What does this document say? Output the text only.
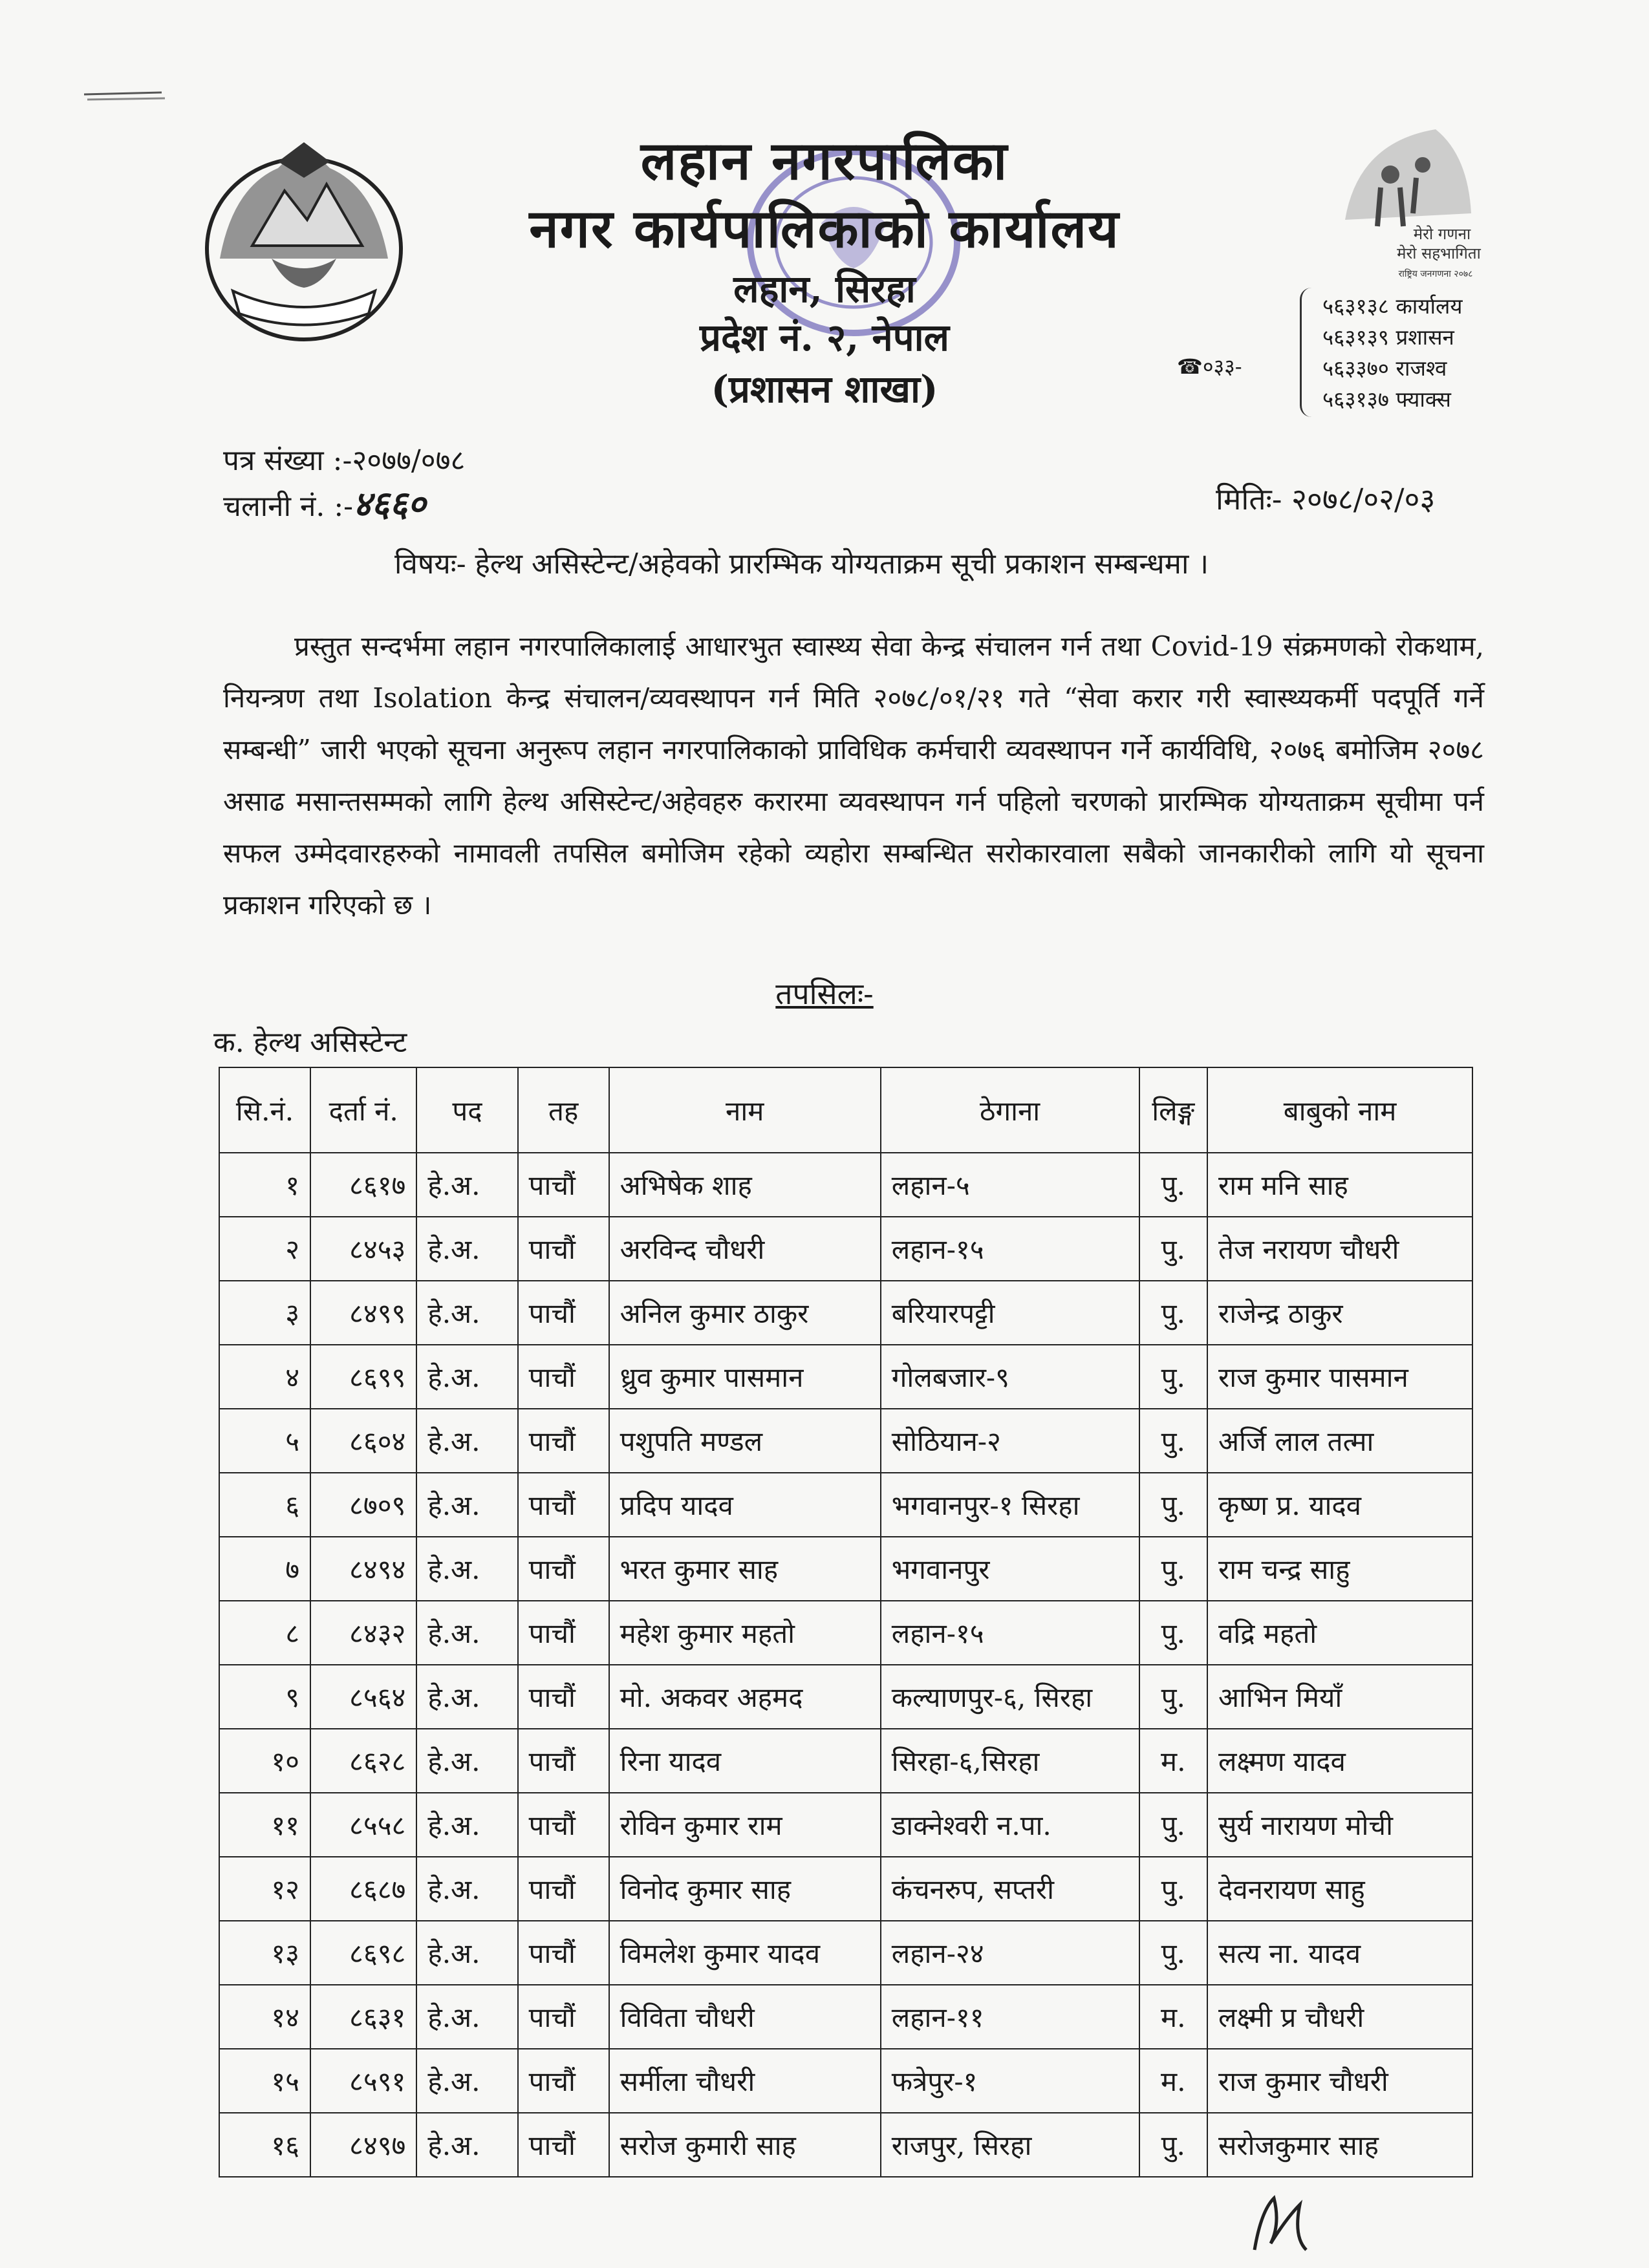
मेरो गणना
मेरो सहभागिता
राष्ट्रिय जनगणना २०७८
लहान नगरपालिका
नगर कार्यपालिकाको कार्यालय
लहान, सिरहा
प्रदेश नं. २, नेपाल
(प्रशासन शाखा)
☎०३३-
५६३१३८ कार्यालय
५६३१३९ प्रशासन
५६३३७० राजश्व
५६३१३७ फ्याक्स
पत्र संख्या :-२०७७/०७८
चलानी नं. :-४६६०	मितिः- २०७८/०२/०३
विषयः- हेल्थ असिस्टेन्ट/अहेवको प्रारम्भिक योग्यताक्रम सूची प्रकाशन सम्बन्धमा ।
प्रस्तुत सन्दर्भमा लहान नगरपालिकालाई आधारभुत स्वास्थ्य सेवा केन्द्र संचालन गर्न तथा Covid-19 संक्रमणको रोकथाम, नियन्त्रण तथा Isolation केन्द्र संचालन/व्यवस्थापन गर्न मिति २०७८/०१/२१ गते “सेवा करार गरी स्वास्थ्यकर्मी पदपूर्ति गर्ने सम्बन्धी” जारी भएको सूचना अनुरूप लहान नगरपालिकाको प्राविधिक कर्मचारी व्यवस्थापन गर्ने कार्यविधि, २०७६ बमोजिम २०७८ असाढ मसान्तसम्मको लागि हेल्थ असिस्टेन्ट/अहेवहरु करारमा व्यवस्थापन गर्न पहिलो चरणको प्रारम्भिक योग्यताक्रम सूचीमा पर्न सफल उम्मेदवारहरुको नामावली तपसिल बमोजिम रहेको व्यहोरा सम्बन्धित सरोकारवाला सबैको जानकारीको लागि यो सूचना प्रकाशन गरिएको छ ।
तपसिलः-
क. हेल्थ असिस्टेन्ट
सि.नं.	दर्ता नं.	पद	तह	नाम	ठेगाना	लिङ्ग	बाबुको नाम
१	८६१७	हे.अ.	पाचौं	अभिषेक शाह	लहान-५	पु.	राम मनि साह
२	८४५३	हे.अ.	पाचौं	अरविन्द चौधरी	लहान-१५	पु.	तेज नरायण चौधरी
३	८४९९	हे.अ.	पाचौं	अनिल कुमार ठाकुर	बरियारपट्टी	पु.	राजेन्द्र ठाकुर
४	८६९९	हे.अ.	पाचौं	ध्रुव कुमार पासमान	गोलबजार-९	पु.	राज कुमार पासमान
५	८६०४	हे.अ.	पाचौं	पशुपति मण्डल	सोठियान-२	पु.	अर्जि लाल तत्मा
६	८७०९	हे.अ.	पाचौं	प्रदिप यादव	भगवानपुर-१ सिरहा	पु.	कृष्ण प्र. यादव
७	८४९४	हे.अ.	पाचौं	भरत कुमार साह	भगवानपुर	पु.	राम चन्द्र साहु
८	८४३२	हे.अ.	पाचौं	महेश कुमार महतो	लहान-१५	पु.	वद्रि महतो
९	८५६४	हे.अ.	पाचौं	मो. अकवर अहमद	कल्याणपुर-६, सिरहा	पु.	आभिन मियाँ
१०	८६२८	हे.अ.	पाचौं	रिना यादव	सिरहा-६,सिरहा	म.	लक्ष्मण यादव
११	८५५८	हे.अ.	पाचौं	रोविन कुमार राम	डाक्नेश्वरी न.पा.	पु.	सुर्य नारायण मोची
१२	८६८७	हे.अ.	पाचौं	विनोद कुमार साह	कंचनरुप, सप्तरी	पु.	देवनरायण साहु
१३	८६९८	हे.अ.	पाचौं	विमलेश कुमार यादव	लहान-२४	पु.	सत्य ना. यादव
१४	८६३१	हे.अ.	पाचौं	विविता चौधरी	लहान-११	म.	लक्ष्मी प्र चौधरी
१५	८५९१	हे.अ.	पाचौं	सर्मीला चौधरी	फत्रेपुर-१	म.	राज कुमार चौधरी
१६	८४९७	हे.अ.	पाचौं	सरोज कुमारी साह	राजपुर, सिरहा	पु.	सरोजकुमार साह
